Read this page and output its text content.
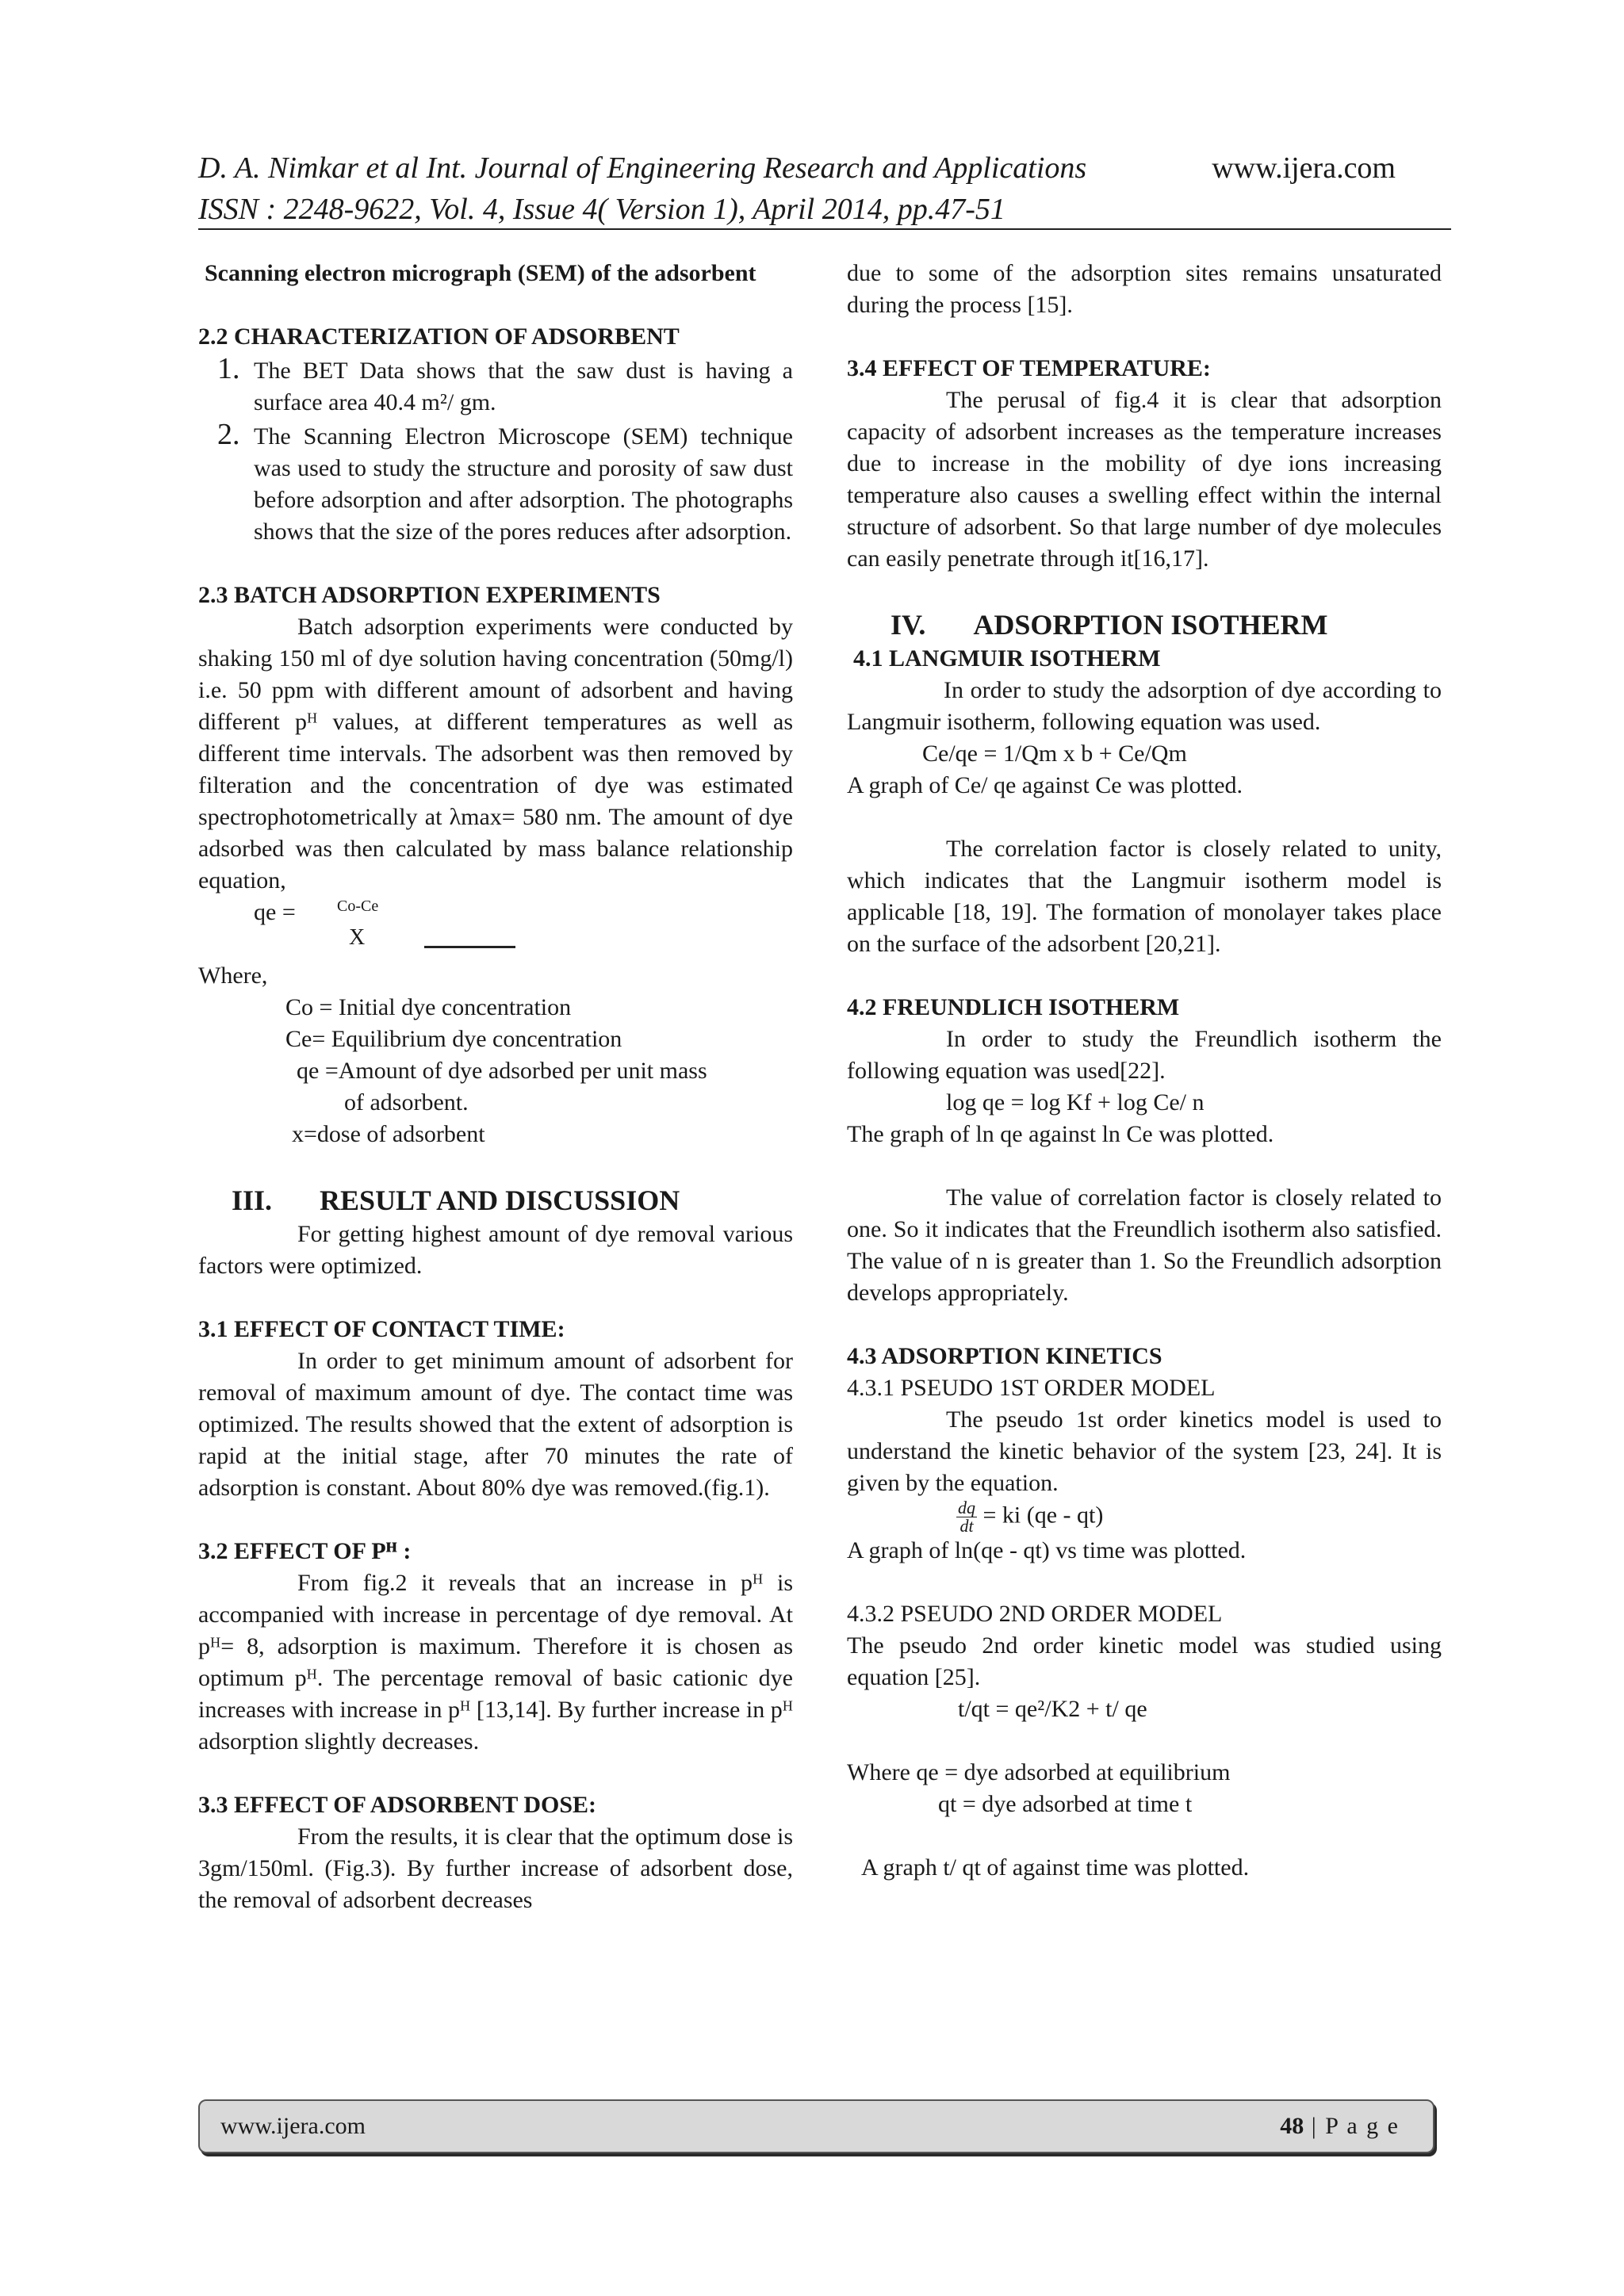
D. A. Nimkar et al Int. Journal of Engineering Research and Applications	www.ijera.com
ISSN : 2248-9622, Vol. 4, Issue 4( Version 1), April 2014, pp.47-51

Scanning electron micrograph (SEM) of the adsorbent

2.2 CHARACTERIZATION OF ADSORBENT

1. The BET Data shows that the saw dust is having a surface area 40.4 m²/ gm.
2. The Scanning Electron Microscope (SEM) technique was used to study the structure and porosity of saw dust before adsorption and after adsorption. The photographs shows that the size of the pores reduces after adsorption.

2.3 BATCH ADSORPTION EXPERIMENTS

Batch adsorption experiments were conducted by shaking 150 ml of dye solution having concentration (50mg/l) i.e. 50 ppm with different amount of adsorbent and having different pᴴ values, at different temperatures as well as different time intervals. The adsorbent was then removed by filteration and the concentration of dye was estimated spectrophotometrically at λmax= 580 nm. The amount of dye adsorbed was then calculated by mass balance relationship equation,

qe =	Co-Ce
X

Where,

Co = Initial dye concentration

Ce= Equilibrium dye concentration

qe =Amount of dye adsorbed per unit mass

of adsorbent.

x=dose of adsorbent

III. RESULT AND DISCUSSION

For getting highest amount of dye removal various factors were optimized.

3.1 EFFECT OF CONTACT TIME:

In order to get minimum amount of adsorbent for removal of maximum amount of dye. The contact time was optimized. The results showed that the extent of adsorption is rapid at the initial stage, after 70 minutes the rate of adsorption is constant. About 80% dye was removed.(fig.1).

3.2 EFFECT OF Pᴴ :

From fig.2 it reveals that an increase in pᴴ is accompanied with increase in percentage of dye removal. At pᴴ= 8, adsorption is maximum. Therefore it is chosen as optimum pᴴ. The percentage removal of basic cationic dye increases with increase in pᴴ [13,14]. By further increase in pᴴ adsorption slightly decreases.

3.3 EFFECT OF ADSORBENT DOSE:

From the results, it is clear that the optimum dose is 3gm/150ml. (Fig.3). By further increase of adsorbent dose, the removal of adsorbent decreases

due to some of the adsorption sites remains unsaturated during the process [15].

3.4 EFFECT OF TEMPERATURE:

The perusal of fig.4 it is clear that adsorption capacity of adsorbent increases as the temperature increases due to increase in the mobility of dye ions increasing temperature also causes a swelling effect within the internal structure of adsorbent. So that large number of dye molecules can easily penetrate through it[16,17].

IV. ADSORPTION ISOTHERM

4.1 LANGMUIR ISOTHERM

In order to study the adsorption of dye according to Langmuir isotherm, following equation was used.

Ce/qe = 1/Qm x b + Ce/Qm

A graph of Ce/ qe against Ce was plotted.

The correlation factor is closely related to unity, which indicates that the Langmuir isotherm model is applicable [18, 19]. The formation of monolayer takes place on the surface of the adsorbent [20,21].

4.2 FREUNDLICH ISOTHERM

In order to study the Freundlich isotherm the following equation was used[22].

log qe = log Kf + log Ce/ n

The graph of ln qe against ln Ce was plotted.

The value of correlation factor is closely related to one. So it indicates that the Freundlich isotherm also satisfied. The value of n is greater than 1. So the Freundlich adsorption develops appropriately.

4.3 ADSORPTION KINETICS

4.3.1 PSEUDO 1ST ORDER MODEL

The pseudo 1st order kinetics model is used to understand the kinetic behavior of the system [23, 24]. It is given by the equation.

$\frac{dq}{dt}$ = ki (qe - qt)

A graph of ln(qe - qt) vs time was plotted.

4.3.2 PSEUDO 2ND ORDER MODEL

The pseudo 2nd order kinetic model was studied using equation [25].

t/qt = qe²/K2 + t/ qe

Where qe = dye adsorbed at equilibrium

qt = dye adsorbed at time t

A graph t/ qt of against time was plotted.

www.ijera.com	48 | P a g e
